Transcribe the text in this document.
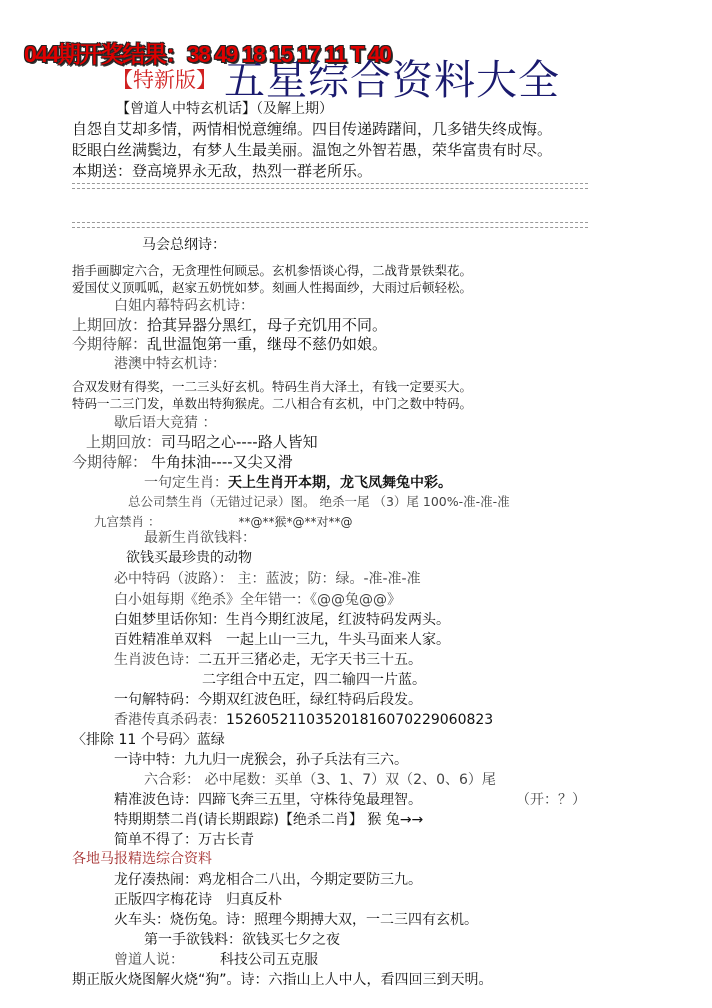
044期开奖结果：38 49 18 15 17 11 T 40
【特新版】 五星综合资料大全
【曾道人中特玄机话】（及解上期）
自怨自艾却多情，两情相悦意缠绵。四目传递踌躇间，几多错失终成悔。
眨眼白丝满鬓边，有梦人生最美丽。温饱之外智若愚，荣华富贵有时尽。
本期送：登高境界永无敌，热烈一群老所乐。
马会总纲诗：
指手画脚定六合，无贪理性何顾忌。玄机参悟谈心得，二战背景铁梨花。
爱国仗义顶呱呱，赵家五奶恍如梦。刻画人性揭面纱，大雨过后顿轻松。
白姐内幕特码玄机诗：
上期回放：拾萁异器分黑红，母子充饥用不同。
今期待解：乱世温饱第一重，继母不慈仍如娘。
港澳中特玄机诗：
合双发财有得奖，一二三头好玄机。特码生肖大泽土，有钱一定要买大。
特码一二三门发，单数出特狗猴虎。二八相合有玄机，中门之数中特码。
歇后语大竞猜 ：
上期回放：司马昭之心----路人皆知
今期待解： 牛角抹油----又尖又滑
一句定生肖：天上生肖开本期，龙飞凤舞兔中彩。
总公司禁生肖（无错过记录）图。 绝杀一尾 （3）尾 100%-准-准-准
九宫禁肖 ：	**@**猴*@**对**@
最新生肖欲钱料：
欲钱买最珍贵的动物
必中特码（波路）： 主：蓝波；防：绿。-准-准-准
白小姐每期《绝杀》全年错一：《@@兔@@》
白姐梦里话你知：生肖今期红波尾，红波特码发两头。
百姓精准单双料　一起上山一三九，牛头马面来人家。
生肖波色诗：二五开三猪必走，无字天书三十五。
二字组合中五定，四二输四一片蓝。
一句解特码：今期双红波色旺，绿红特码后段发。
香港传真杀码表：15260521103520181607022906082​3
〈排除 11 个号码〉蓝绿
一诗中特：九九归一虎猴会，孙子兵法有三六。
六合彩： 必中尾数：买单（3、1、7）双（2、0、6）尾
精准波色诗：四蹄飞奔三五里，守株待兔最理智。	（开：？）
特期期禁二肖(请长期跟踪)【绝杀二肖】 猴 兔→→
简单不得了：万古长青
各地马报精选综合资料
龙仔凑热闹：鸡龙相合二八出，今期定要防三九。
正版四字梅花诗　归真反朴
火车头：烧伤兔。诗：照理今期搏大双，一二三四有玄机。
第一手欲钱料：欲钱买七夕之夜
曾道人说：	科技公司五克服
期正版火烧图解火烧“狗”。诗：六指山上人中人，看四回三到天明。
